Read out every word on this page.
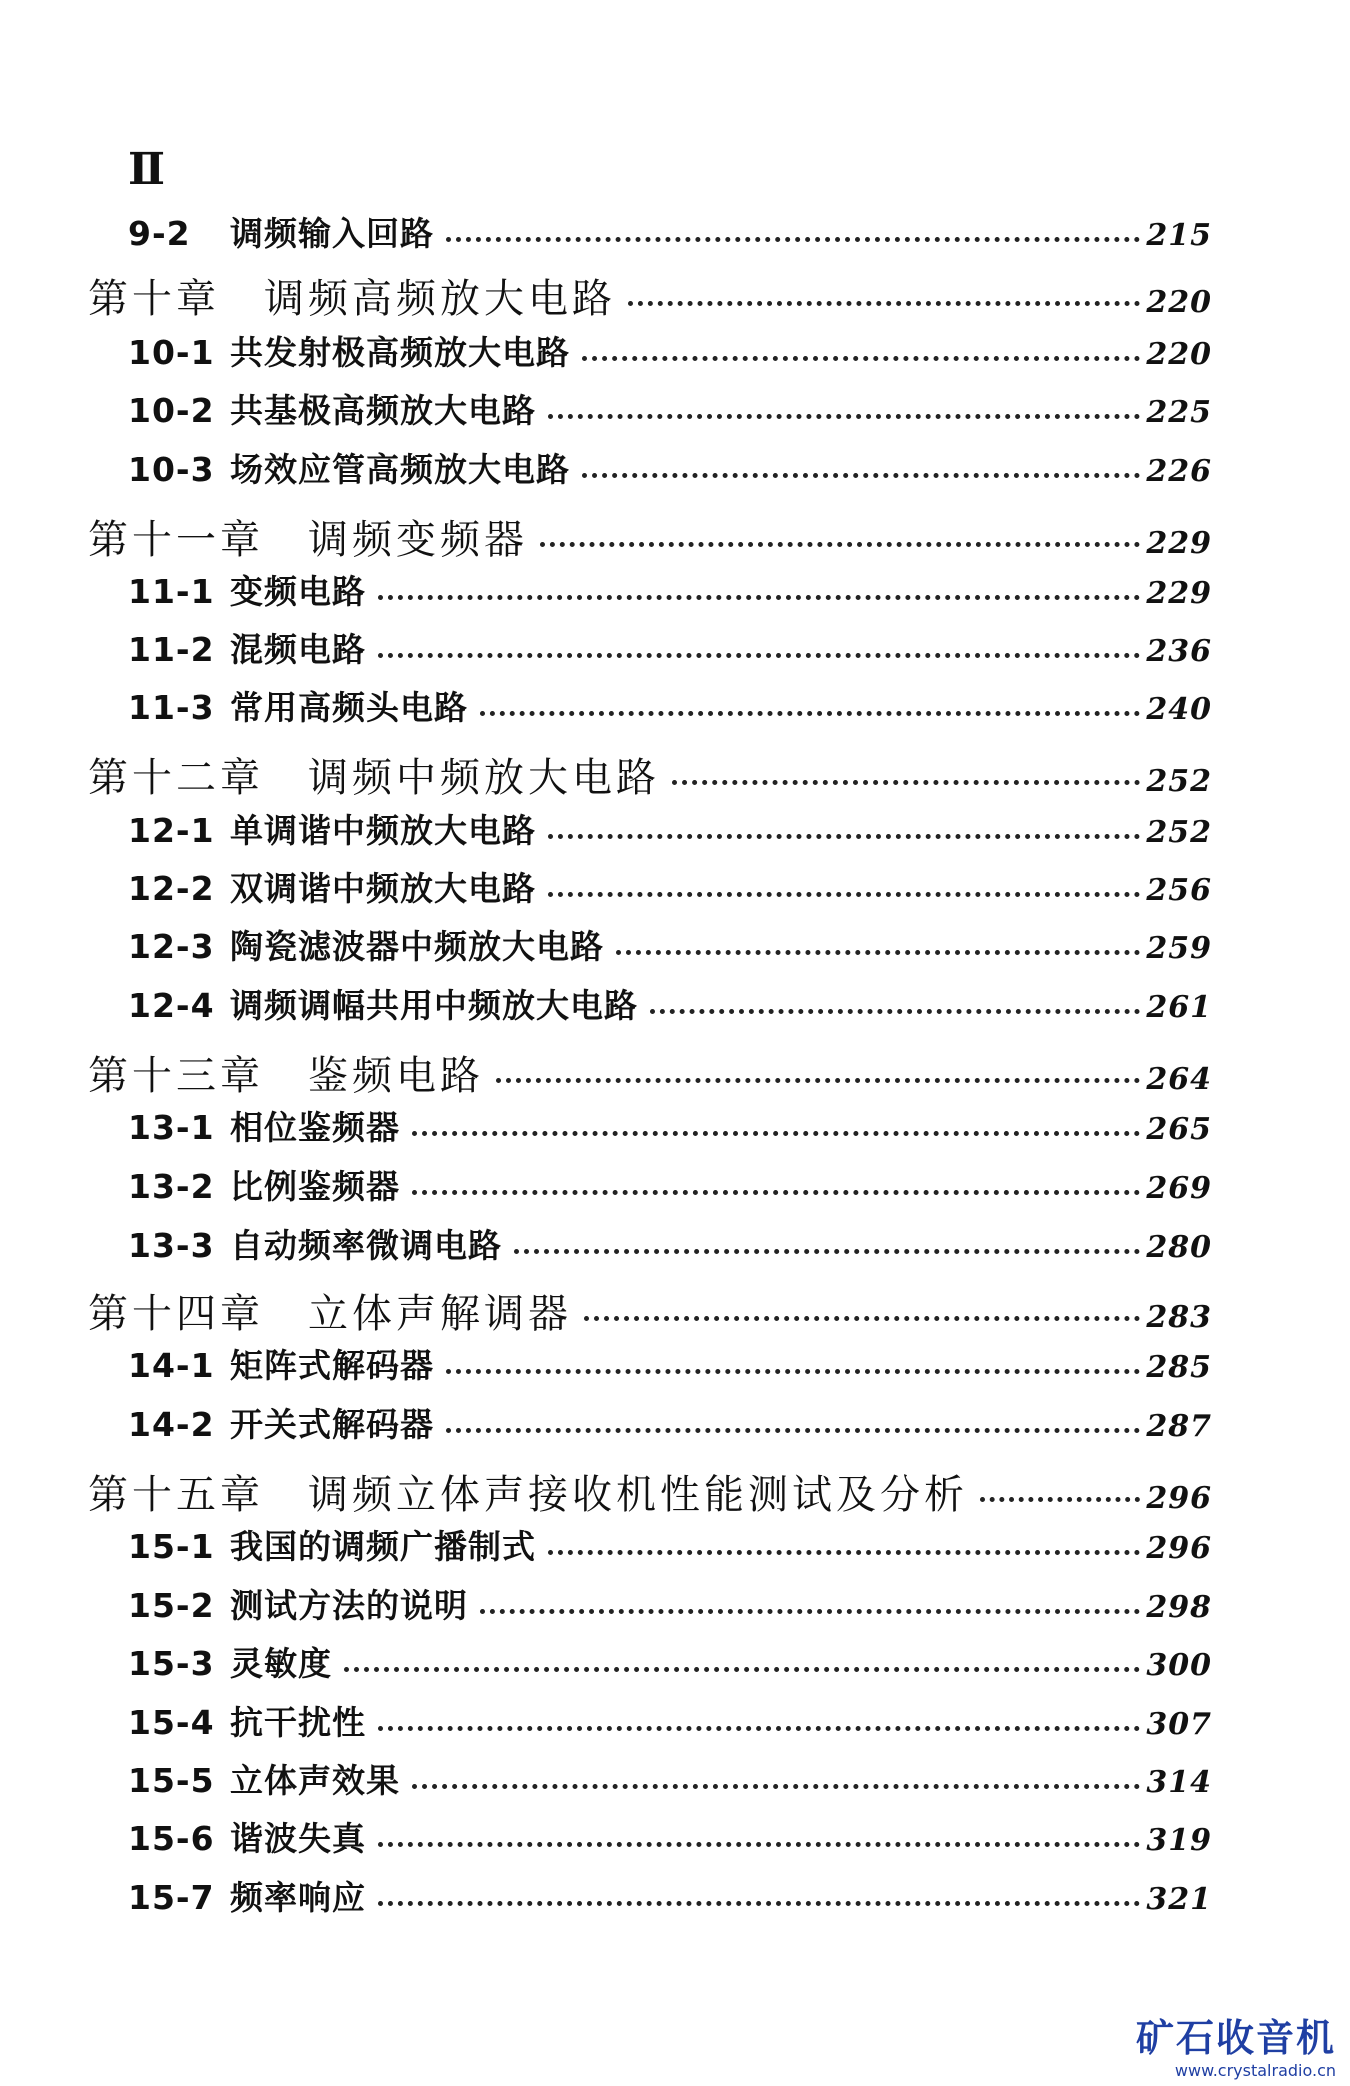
Ⅱ
9-2	调频输入回路	215
第十章 调频高频放大电路	220
10-1 共发射极高频放大电路	220
10-2 共基极高频放大电路	225
10-3 场效应管高频放大电路	226
第十一章 调频变频器	229
11-1 变频电路	229
11-2 混频电路	236
11-3 常用高频头电路	240
第十二章 调频中频放大电路	252
12-1 单调谐中频放大电路	252
12-2 双调谐中频放大电路	256
12-3 陶瓷滤波器中频放大电路	259
12-4 调频调幅共用中频放大电路	261
第十三章 鉴频电路	264
13-1 相位鉴频器	265
13-2 比例鉴频器	269
13-3 自动频率微调电路	280
第十四章 立体声解调器	283
14-1 矩阵式解码器	285
14-2 开关式解码器	287
第十五章 调频立体声接收机性能测试及分析	296
15-1 我国的调频广播制式	296
15-2 测试方法的说明	298
15-3 灵敏度	300
15-4 抗干扰性	307
15-5 立体声效果	314
15-6 谐波失真	319
15-7 频率响应	321
矿石收音机
www.crystalradio.cn
